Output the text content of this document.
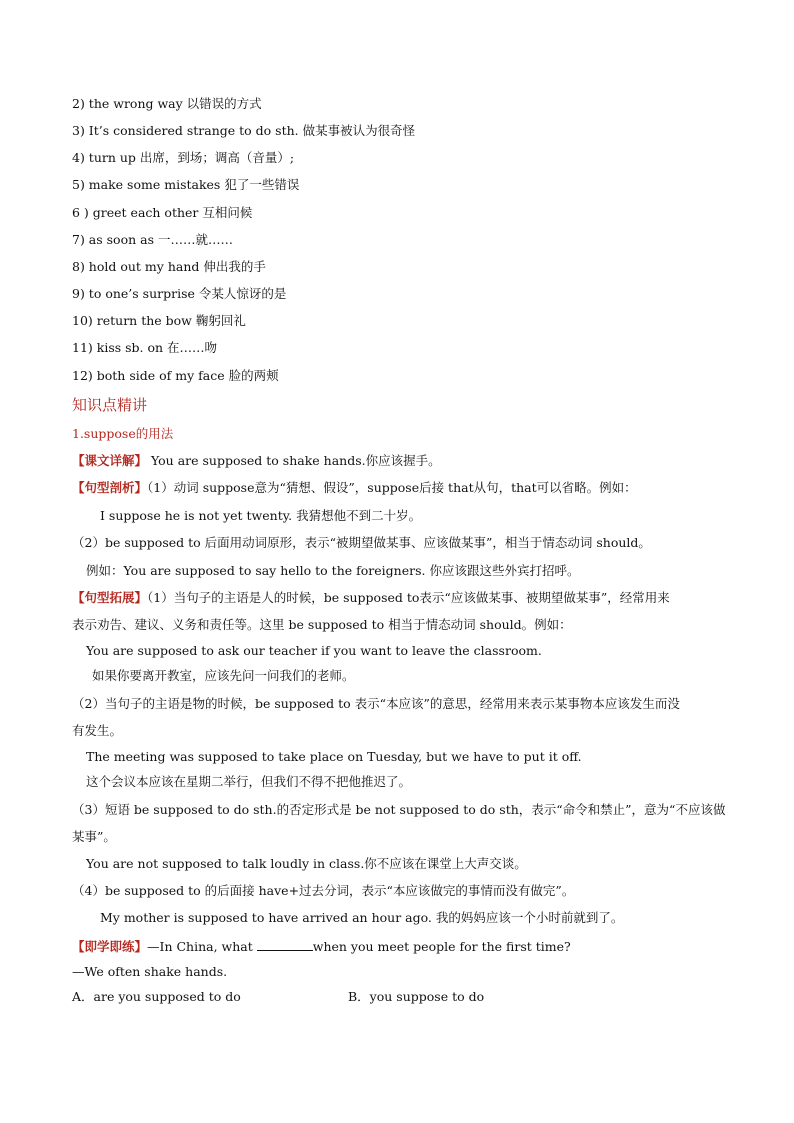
2) the wrong way 以错误的方式
3) It’s considered strange to do sth. 做某事被认为很奇怪
4) turn up 出席，到场；调高（音量）;
5) make some mistakes 犯了一些错误
6 ) greet each other 互相问候
7) as soon as 一……就……
8) hold out my hand 伸出我的手
9) to one’s surprise 令某人惊讶的是
10) return the bow 鞠躬回礼
11) kiss sb. on 在……吻
12) both side of my face 脸的两颊
知识点精讲
1.suppose的用法
【课文详解】 You are supposed to shake hands.你应该握手。
【句型剖析】（1）动词 suppose意为“猜想、假设”，suppose后接 that从句，that可以省略。例如：
I suppose he is not yet twenty. 我猜想他不到二十岁。
（2）be supposed to 后面用动词原形，表示“被期望做某事、应该做某事”，相当于情态动词 should。
例如：You are supposed to say hello to the foreigners. 你应该跟这些外宾打招呼。
【句型拓展】（1）当句子的主语是人的时候，be supposed to表示“应该做某事、被期望做某事”，经常用来
表示劝告、建议、义务和责任等。这里 be supposed to 相当于情态动词 should。例如：
You are supposed to ask our teacher if you want to leave the classroom.
如果你要离开教室，应该先问一问我们的老师。
（2）当句子的主语是物的时候，be supposed to 表示“本应该”的意思，经常用来表示某事物本应该发生而没
有发生。
The meeting was supposed to take place on Tuesday, but we have to put it off.
这个会议本应该在星期二举行，但我们不得不把他推迟了。
（3）短语 be supposed to do sth.的否定形式是 be not supposed to do sth，表示“命令和禁止”，意为“不应该做
某事”。
You are not supposed to talk loudly in class.你不应该在课堂上大声交谈。
（4）be supposed to 的后面接 have+过去分词，表示“本应该做完的事情而没有做完”。
My mother is supposed to have arrived an hour ago. 我的妈妈应该一个小时前就到了。
【即学即练】—In China, what	when you meet people for the first time?
—We often shake hands.
A．are you supposed to do	B．you suppose to do
